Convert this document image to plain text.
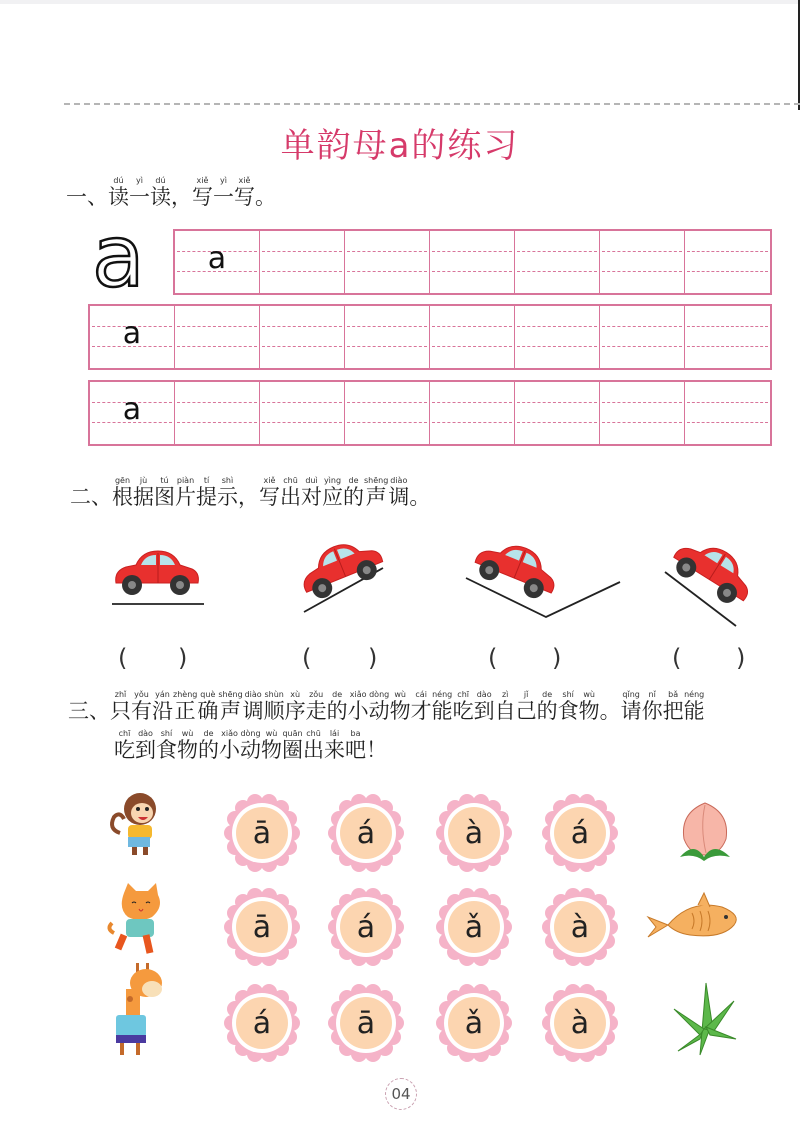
单韵母a的练习
一、读dú一yì读dú， 写xiě一yì写xiě。
a	a
a
a
二、根gēn据jù图tú片piàn提tí示shì， 写xiě出chū对duì应yìng的de声shēng调diào。
( )	( )	( )	( )
三、只zhǐ有yǒu沿yán正zhèng确què声shēng调diào顺shùn序xù走zǒu的de小xiǎo动dòng物wù才cái能néng吃chī到dào自zì己jǐ的de食shí物wù。 请qǐng你nǐ把bǎ能néng
吃chī到dào食shí物wù的de小xiǎo动dòng物wù圈quān出chū来lái吧ba！
ā	á	à	á
ā	á	ǎ	à
á	ā	ǎ	à
04
